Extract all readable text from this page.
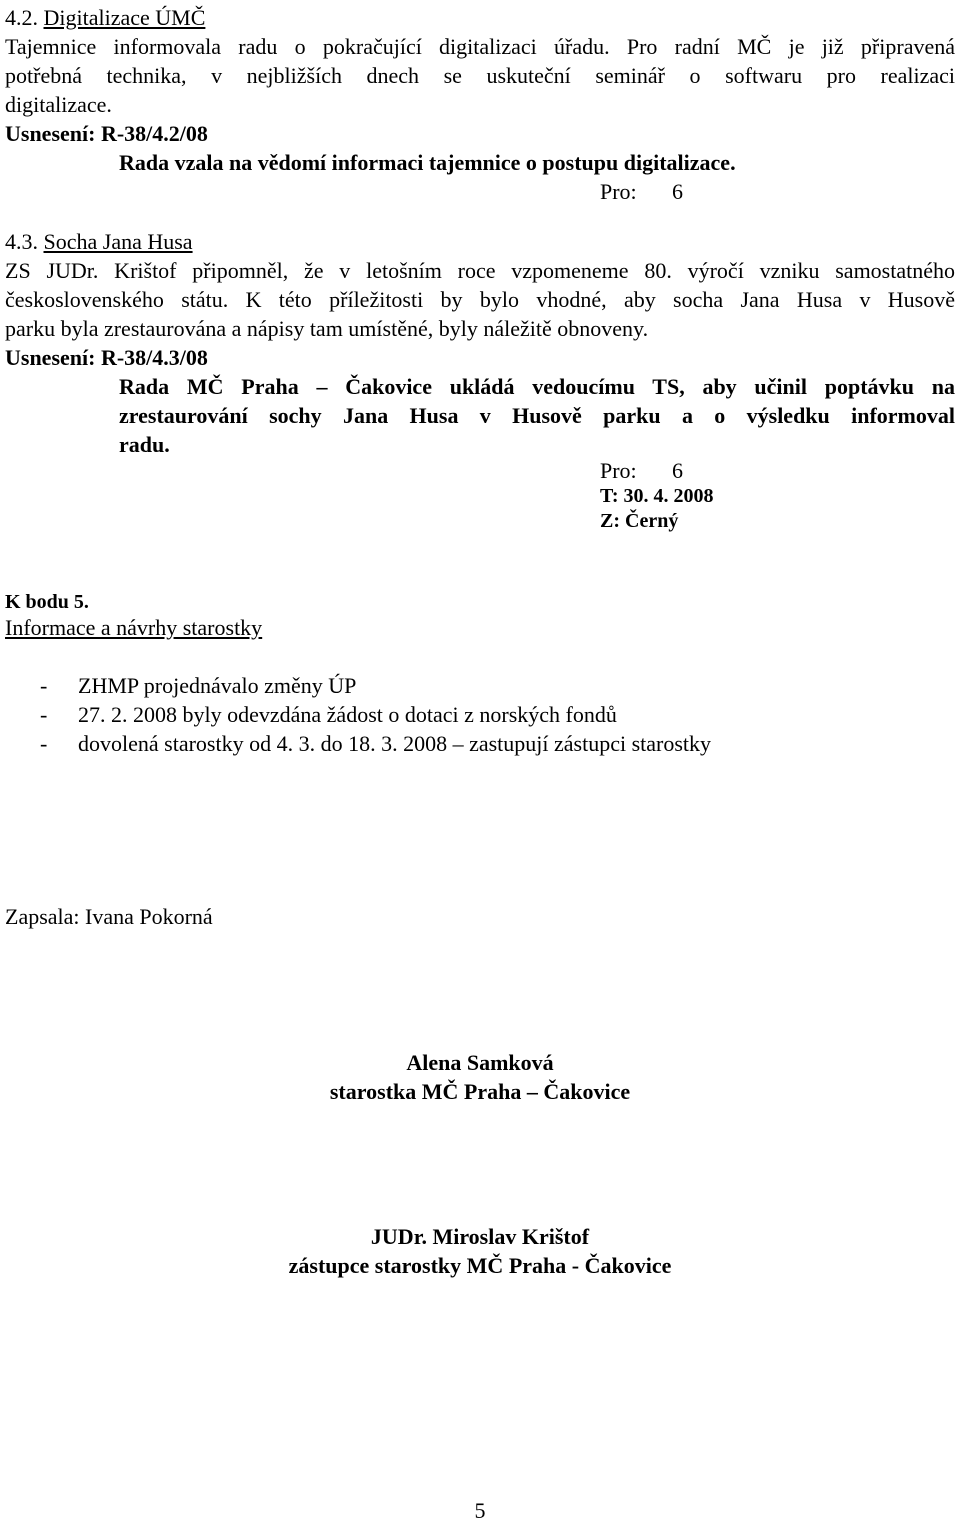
4.2. Digitalizace ÚMČ
Tajemnice informovala radu o pokračující digitalizaci úřadu. Pro radní MČ je již připravená
potřebná technika, v nejbližších dnech se uskuteční seminář o softwaru pro realizaci
digitalizace.
Usnesení: R-38/4.2/08
Rada vzala na vědomí informaci tajemnice o postupu digitalizace.
Pro: 6
4.3. Socha Jana Husa
ZS JUDr. Krištof připomněl, že v letošním roce vzpomeneme 80. výročí vzniku samostatného
československého státu. K této příležitosti by bylo vhodné, aby socha Jana Husa v Husově
parku byla zrestaurována a nápisy tam umístěné, byly náležitě obnoveny.
Usnesení: R-38/4.3/08
Rada MČ Praha – Čakovice ukládá vedoucímu TS, aby učinil poptávku na
zrestaurování sochy Jana Husa v Husově parku a o výsledku informoval
radu.
Pro: 6
T: 30. 4. 2008
Z: Černý
K bodu 5.
Informace a návrhy starostky
- ZHMP projednávalo změny ÚP
- 27. 2. 2008 byly odevzdána žádost o dotaci z norských fondů
- dovolená starostky od 4. 3. do 18. 3. 2008 – zastupují zástupci starostky
Zapsala: Ivana Pokorná
Alena Samková
starostka MČ Praha – Čakovice
JUDr. Miroslav Krištof
zástupce starostky MČ Praha - Čakovice
5
